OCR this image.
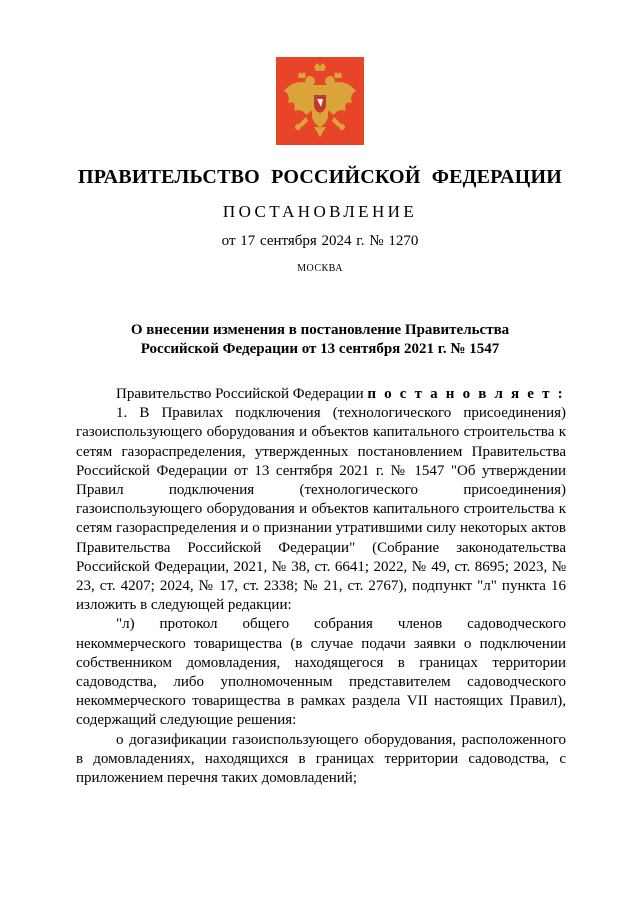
ПРАВИТЕЛЬСТВО РОССИЙСКОЙ ФЕДЕРАЦИИ
ПОСТАНОВЛЕНИЕ
от 17 сентября 2024 г. № 1270
МОСКВА
О внесении изменения в постановление Правительства
Российской Федерации от 13 сентября 2021 г. № 1547

Правительство Российской Федерации п о с т а н о в л я е т :

1. В Правилах подключения (технологического присоединения) газоиспользующего оборудования и объектов капитального строительства к сетям газораспределения, утвержденных постановлением Правительства Российской Федерации от 13 сентября 2021 г. № 1547 "Об утверждении Правил подключения (технологического присоединения) газоиспользующего оборудования и объектов капитального строительства к сетям газораспределения и о признании утратившими силу некоторых актов Правительства Российской Федерации" (Собрание законодательства Российской Федерации, 2021, № 38, ст. 6641; 2022, № 49, ст. 8695; 2023, № 23, ст. 4207; 2024, № 17, ст. 2338; № 21, ст. 2767), подпункт "л" пункта 16 изложить в следующей редакции:

"л) протокол общего собрания членов садоводческого некоммерческого товарищества (в случае подачи заявки о подключении собственником домовладения, находящегося в границах территории садоводства, либо уполномоченным представителем садоводческого некоммерческого товарищества в рамках раздела VII настоящих Правил), содержащий следующие решения:

о догазификации газоиспользующего оборудования, расположенного в домовладениях, находящихся в границах территории садоводства, с приложением перечня таких домовладений;
